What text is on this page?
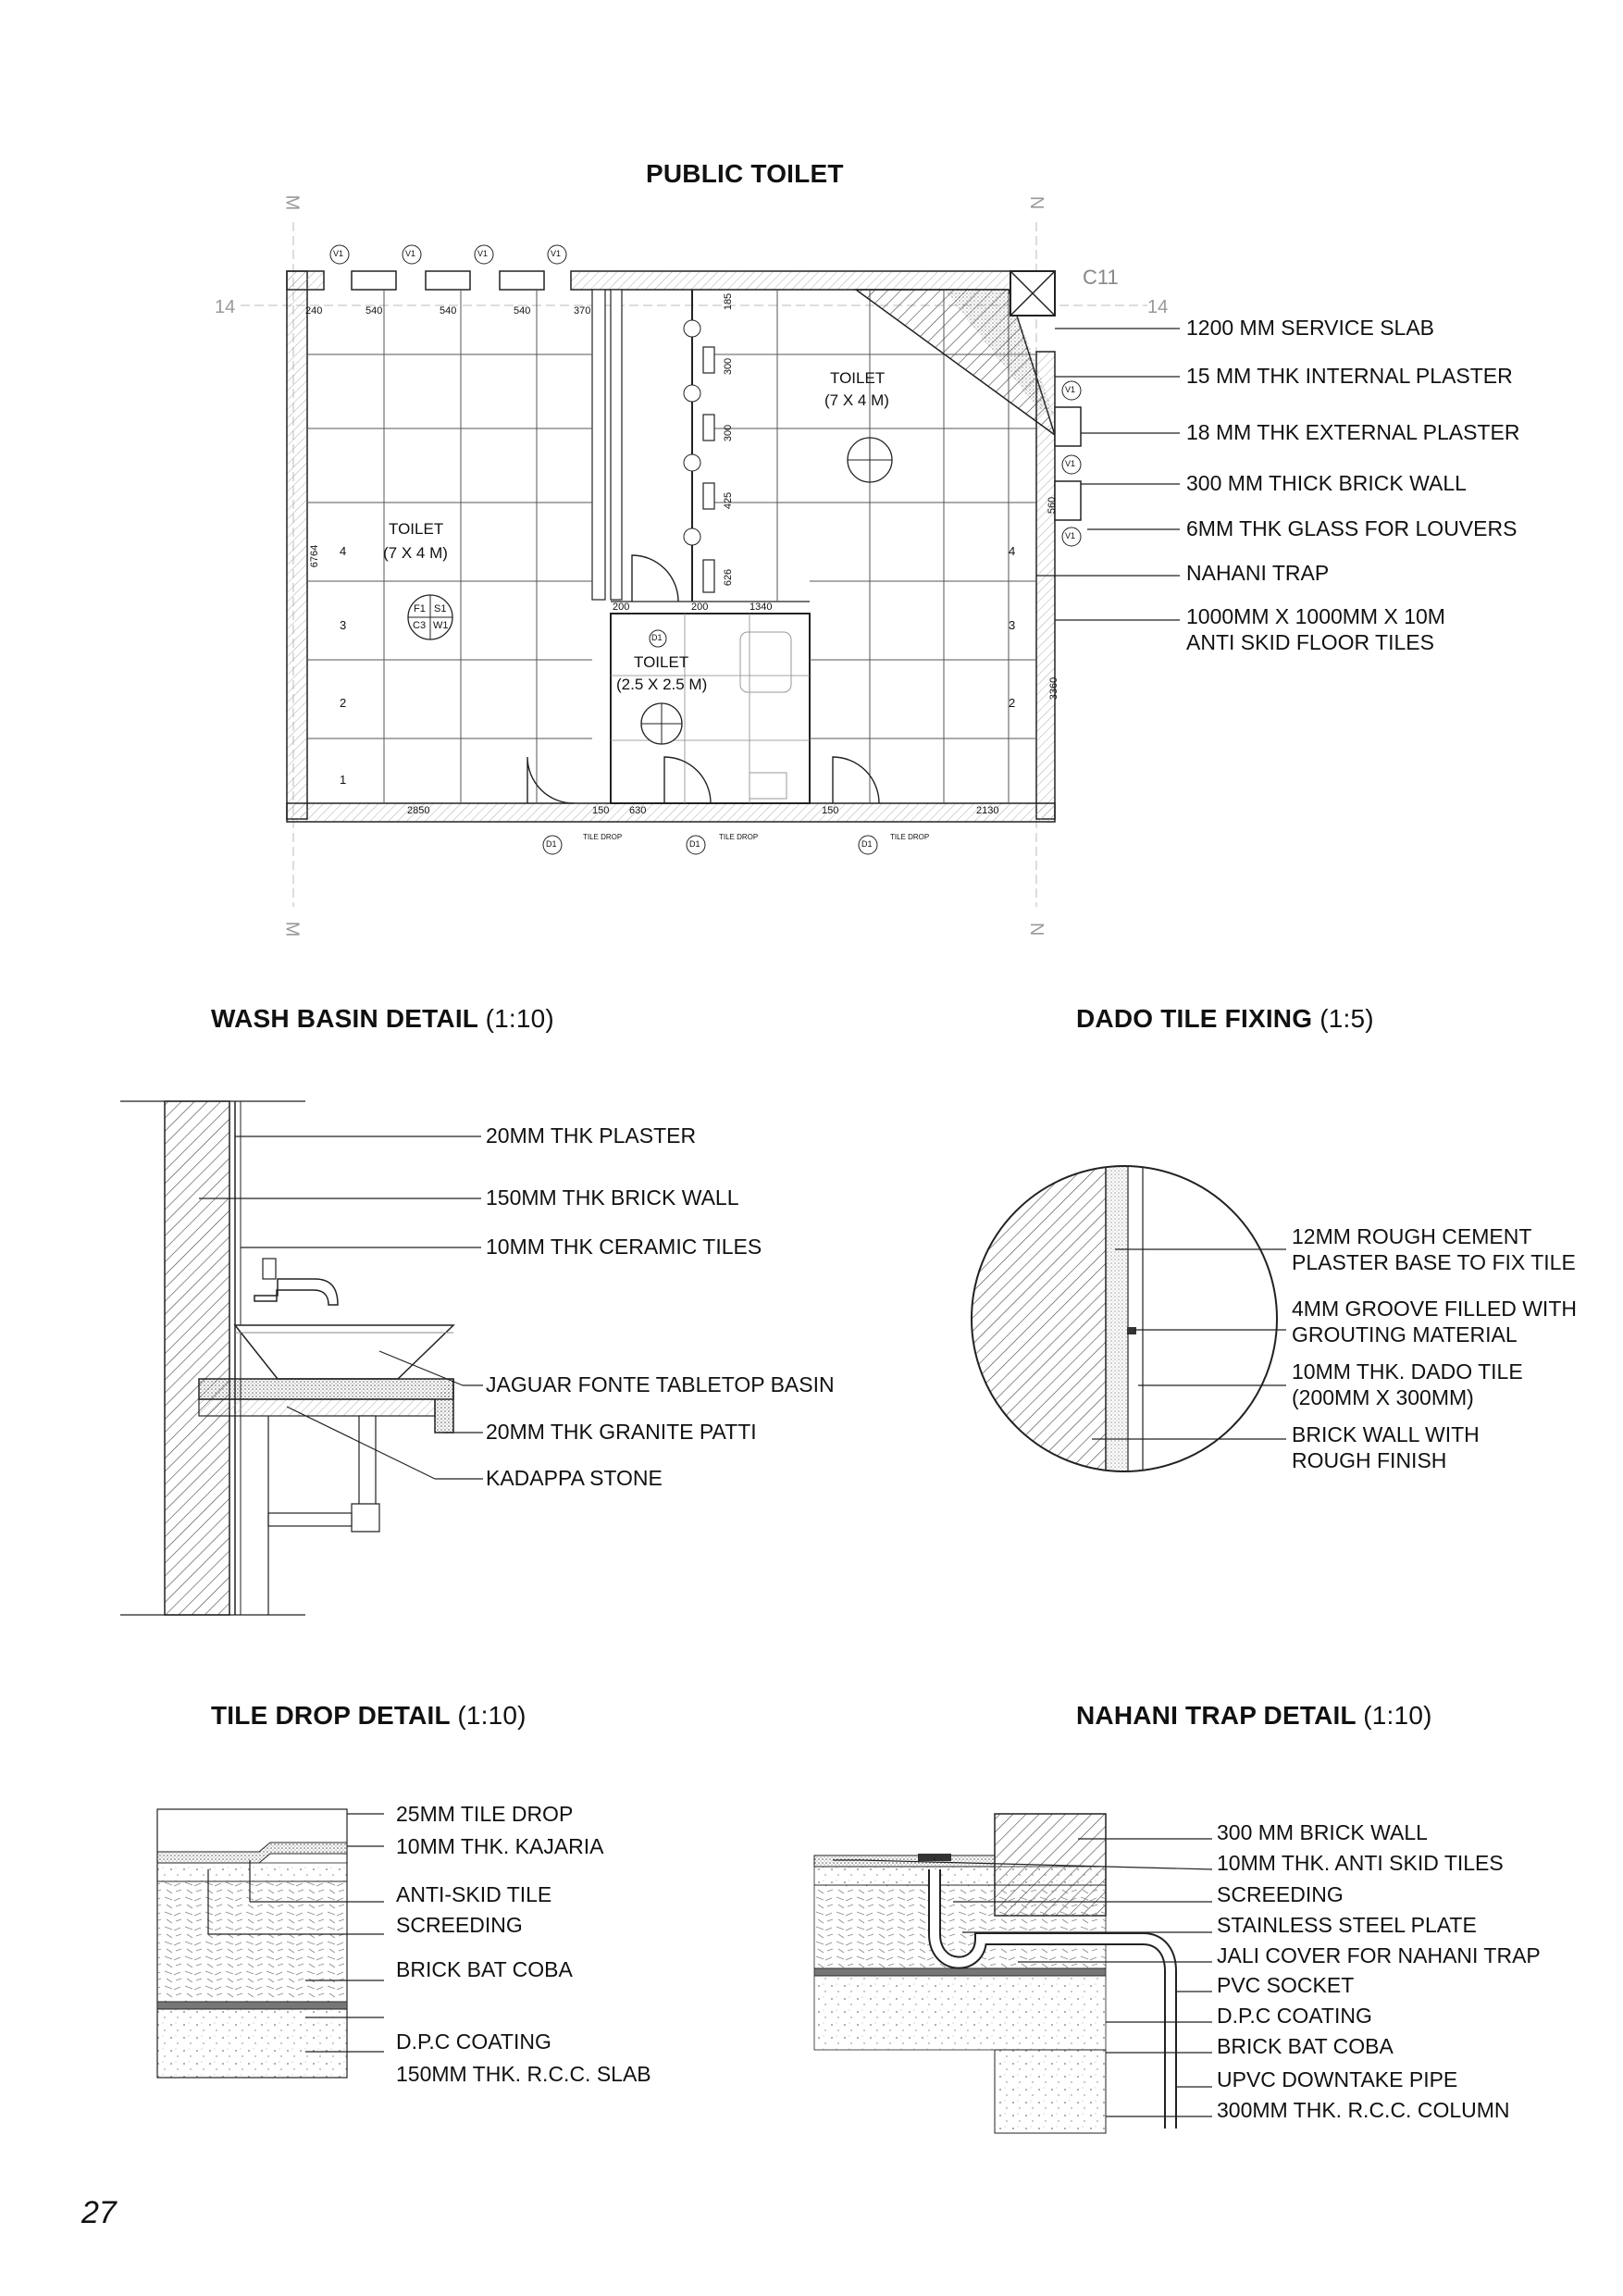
PUBLIC TOILET
14	14
M	N
M	N
C11
TOILET
(7 X 4 M)
TOILET
(7 X 4 M)
TOILET
(2.5 X 2.5 M)
F1 S1
C3 W1
4
3
2
1
4
3
2
240	540	540	540	370
2850	150 630	150	2130
6764
3360
200	200	1340
185
300
300
425
626
560
V1	V1	V1	V1
V1
V1
V1
D1	D1	D1
D1
TILE DROP	TILE DROP	TILE DROP
1200 MM SERVICE SLAB
15 MM THK INTERNAL PLASTER
18 MM THK EXTERNAL PLASTER
300 MM THICK BRICK WALL
6MM THK GLASS FOR LOUVERS
NAHANI TRAP
1000MM X 1000MM X 10M
ANTI SKID FLOOR TILES
WASH BASIN DETAIL (1:10)
20MM THK PLASTER
150MM THK BRICK WALL
10MM THK CERAMIC TILES
JAGUAR FONTE TABLETOP BASIN
20MM THK GRANITE PATTI
KADAPPA STONE
DADO TILE FIXING (1:5)
12MM ROUGH CEMENT
PLASTER BASE TO FIX TILE
4MM GROOVE FILLED WITH
GROUTING MATERIAL
10MM THK. DADO TILE
(200MM X 300MM)
BRICK WALL WITH
ROUGH FINISH
TILE DROP DETAIL (1:10)
25MM TILE DROP
10MM THK. KAJARIA
ANTI-SKID TILE
SCREEDING
BRICK BAT COBA
D.P.C COATING
150MM THK. R.C.C. SLAB
NAHANI TRAP DETAIL (1:10)
300 MM BRICK WALL
10MM THK. ANTI SKID TILES
SCREEDING
STAINLESS STEEL PLATE
JALI COVER FOR NAHANI TRAP
PVC SOCKET
D.P.C COATING
BRICK BAT COBA
UPVC DOWNTAKE PIPE
300MM THK. R.C.C. COLUMN
27
